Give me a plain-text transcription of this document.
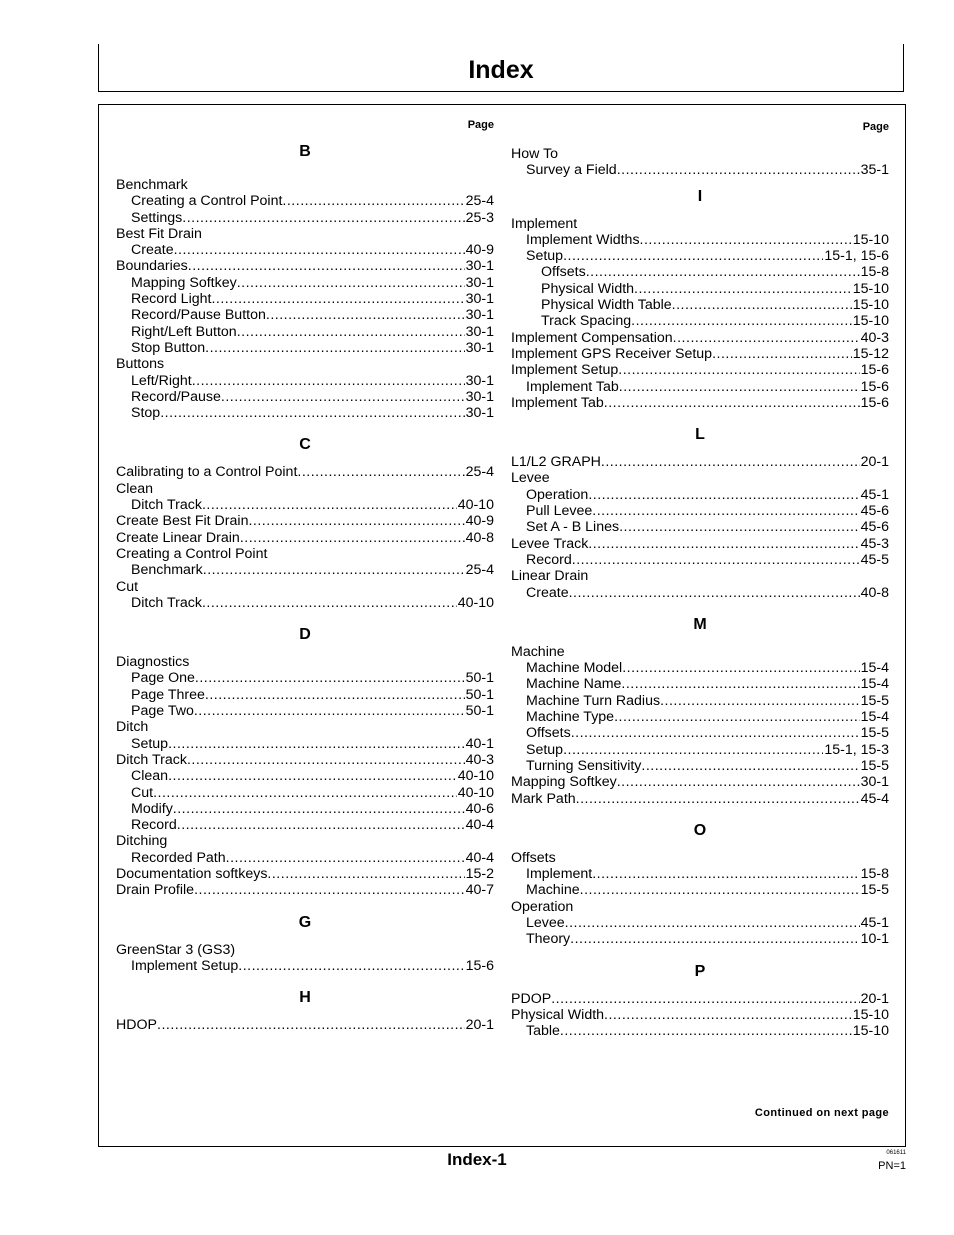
Index
Page
B
Benchmark
Creating a Control Point .....	25-4
Settings .....	25-3
Best Fit Drain
Create .....	40-9
Boundaries .....	30-1
Mapping Softkey .....	30-1
Record Light .....	30-1
Record/Pause Button .....	30-1
Right/Left Button .....	30-1
Stop Button .....	30-1
Buttons
Left/Right .....	30-1
Record/Pause .....	30-1
Stop .....	30-1
C
Calibrating to a Control Point .....	25-4
Clean
Ditch Track .....	40-10
Create Best Fit Drain .....	40-9
Create Linear Drain .....	40-8
Creating a Control Point
Benchmark .....	25-4
Cut
Ditch Track .....	40-10
D
Diagnostics
Page One .....	50-1
Page Three .....	50-1
Page Two .....	50-1
Ditch
Setup .....	40-1
Ditch Track .....	40-3
Clean .....	40-10
Cut .....	40-10
Modify .....	40-6
Record .....	40-4
Ditching
Recorded Path .....	40-4
Documentation softkeys .....	15-2
Drain Profile .....	40-7
G
GreenStar 3 (GS3)
Implement Setup .....	15-6
H
HDOP .....	20-1
Page
How To
Survey a Field .....	35-1
I
Implement
Implement Widths .....	15-10
Setup .....	15-1, 15-6
Offsets .....	15-8
Physical Width .....	15-10
Physical Width Table .....	15-10
Track Spacing .....	15-10
Implement Compensation .....	40-3
Implement GPS Receiver Setup .....	15-12
Implement Setup .....	15-6
Implement Tab .....	15-6
Implement Tab .....	15-6
L
L1/L2 GRAPH .....	20-1
Levee
Operation .....	45-1
Pull Levee .....	45-6
Set A - B Lines .....	45-6
Levee Track .....	45-3
Record .....	45-5
Linear Drain
Create .....	40-8
M
Machine
Machine Model .....	15-4
Machine Name .....	15-4
Machine Turn Radius .....	15-5
Machine Type .....	15-4
Offsets .....	15-5
Setup .....	15-1, 15-3
Turning Sensitivity .....	15-5
Mapping Softkey .....	30-1
Mark Path .....	45-4
O
Offsets
Implement .....	15-8
Machine .....	15-5
Operation
Levee .....	45-1
Theory .....	10-1
P
PDOP .....	20-1
Physical Width .....	15-10
Table .....	15-10
Continued on next page
Index-1	061611
PN=1
